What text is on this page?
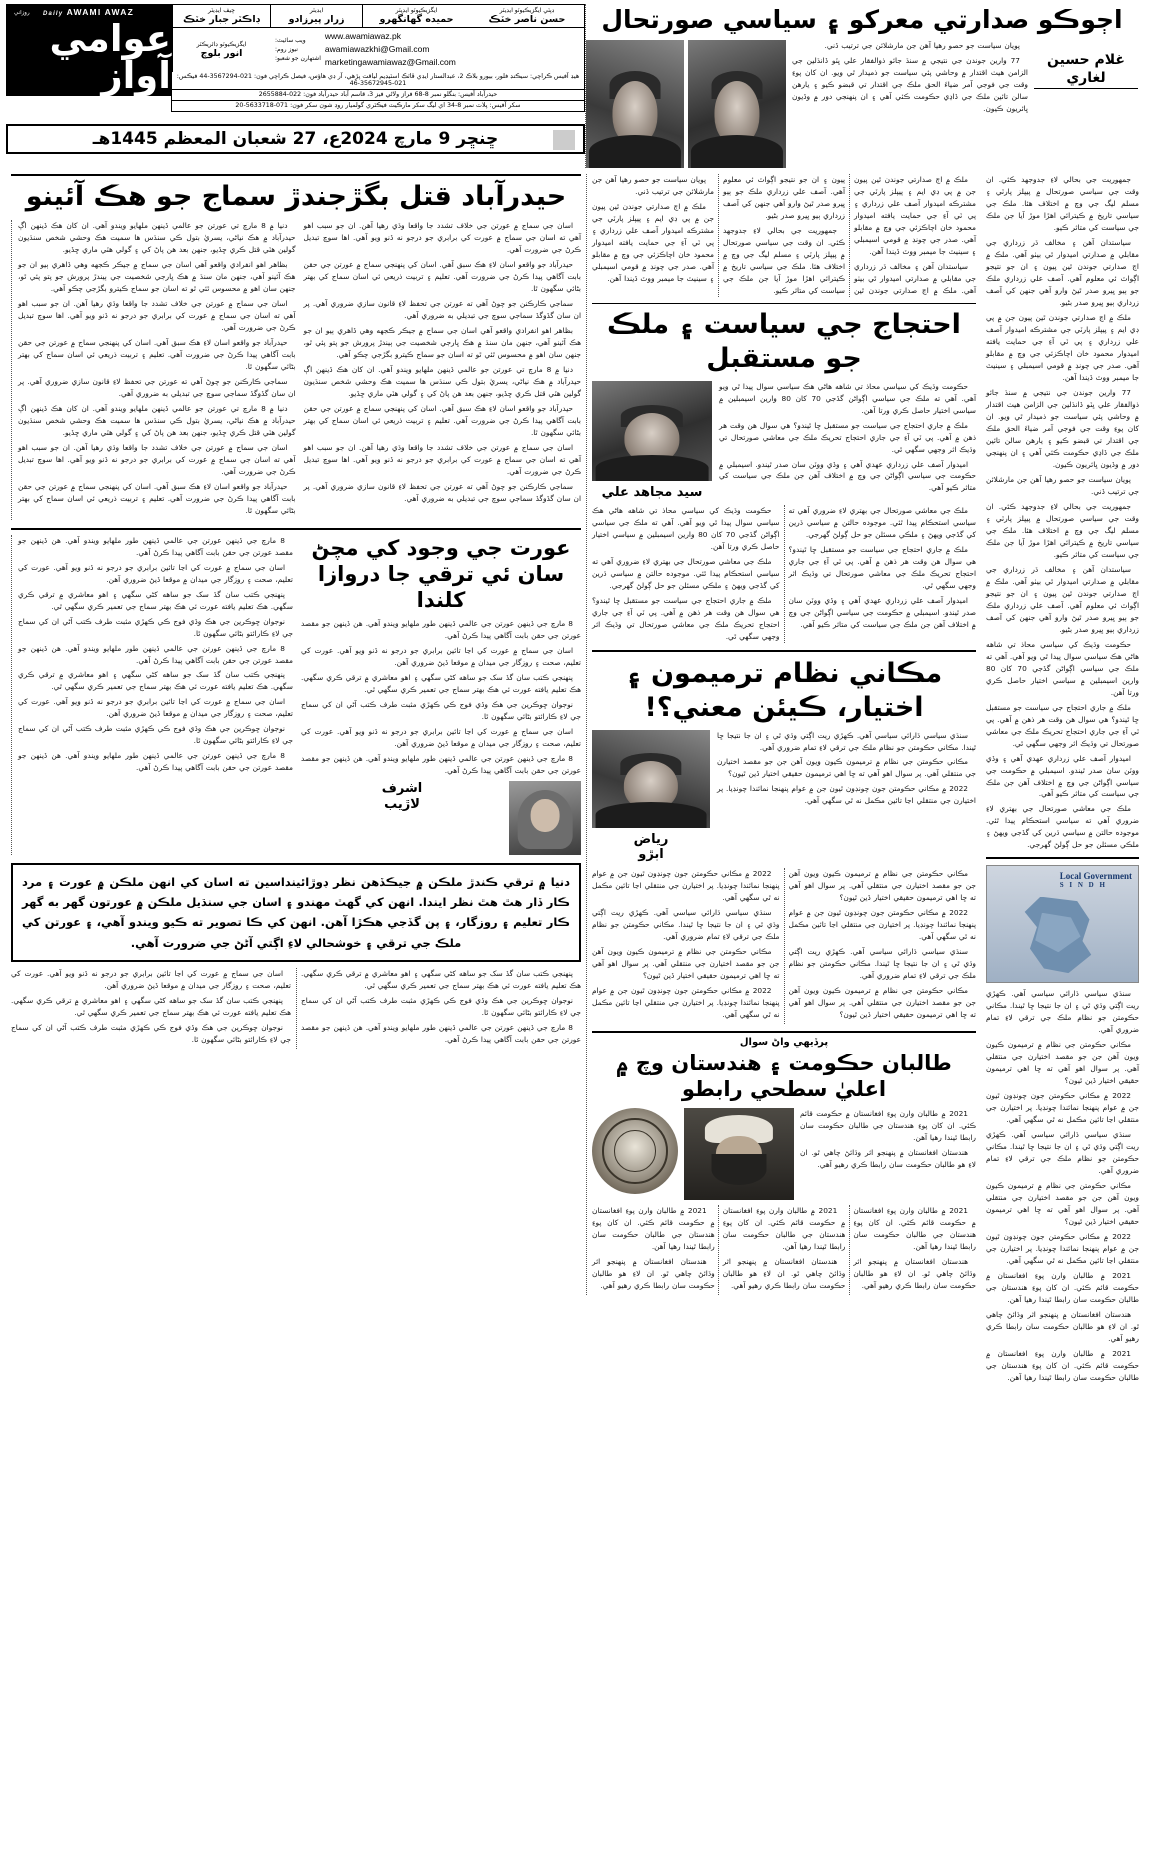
روزاني Daily AWAMI AWAZ
عوامي آواز
چيف ايڊيٽر
ڊاڪٽر جبار خٽڪ
ايڊيٽر
زرار پيرزادو
ايگزيڪيوٽو ايڊيٽر
حميده گهانگهرو
ڊپٽي ايگزيڪيوٽو ايڊيٽر
حسن ناصر خٽڪ
ايگزيڪيوٽو ڊائريڪٽر
انور بلوچ
ويب سائيٽ:
نيوز روم:
اشتهارن جو شعبو:
www.awamiawaz.pk
awamiawazkhi@Gmail.com
marketingawamiawaz@Gmail.com
هيڊ آفيس ڪراچي: سيڪنڊ فلور، بيورو بلاڪ 2، عبدالستار ايڊي ڦاٽڪ اسٽيڊيم لياقت پڙهي، آر ڊي هاؤس، فيصل ڪراچي فون: 021-3567294-44 فيڪس: 021-35672945-46
حيدرآباد آفيس: بنگلو نمبر 8-68 فراز ولاڻي فيز 3، قاسم آباد حيدرآباد فون: 022-2655884
سکر آفيس: پلاٽ نمبر 8-34 اي ليگ سکر مارڪيٽ فيڪٽري گولميار روڊ شون سکر فون: 071-5633718-20
ڇنڇر 9 مارچ 2024ع، 27 شعبان المعظم 1445هـ
اڄوڪو صدارتي معركو ۽ سياسي صورتحال

پويان سياست جو حصو رهيا آهن جن مارشلائن جي ترتيب ڏني.

77 وارين جوندن جي نتيجي ۾ سنڌ جائو ذوالفقار علي ڀٽو ڏانڌلين جي الزامن هيٺ اقتدار ۾ وحاشي پئي سياست جو ذميدار ٿي ويو. ان کان پوءِ وقت جي فوجي آمر ضياءَ الحق ملڪ جي اقتدار تي قبضو ڪيو ۽ يارهن سالن تائين ملڪ جي ڏاڍي حڪومت ڪئي آهي ۽ ان پنهنجي دور ۾ وڏيون ڀائريون ڪيون.

غلام حسين لغاري
حيدرآباد قتل بگڙجندڙ سماج جو هڪ آئينو

دنيا ۾ 8 مارچ تي عورتن جو عالمي ڏينهن ملهايو ويندو آهي. ان کان هڪ ڏينهن اڳ حيدرآباد ۾ هڪ نياڻي، يسريٰ بتول ڪي سنڌس ها سميت هڪ وحشي شخص سنڌيون گولين هٽي قتل ڪري ڇڏيو، جنهن بعد هن پاڻ کي ۽ گولي هٽي ماري ڇڏيو.

بظاهر اهو انفرادي واقعو آهي اسان جي سماج ۾ جيڪر ڪجهه وهي ڏاهري ٻيو ان جو هڪ آئينو آهي، جنهن مان سنڌ ۾ هڪ ڀارجي شخصيت جي ٻيندڙ پرورش جو پتو پئي ٿو، جنهن سان اهو ۾ محسوس ٿئي ٿو ته اسان جو سماج ڪيترو بگڙجي چڪو آهي.

اسان جي سماج ۾ عورتن جي خلاف تشدد جا واقعا وڌي رهيا آهن. ان جو سبب اهو آهي ته اسان جي سماج ۾ عورت کي برابري جو درجو نه ڏنو ويو آهي. اها سوچ تبديل ڪرڻ جي ضرورت آهي.

حيدرآباد جو واقعو اسان لاءِ هڪ سبق آهي. اسان کي پنهنجي سماج ۾ عورتن جي حقن بابت آگاهي پيدا ڪرڻ جي ضرورت آهي. تعليم ۽ تربيت ذريعي ئي اسان سماج کي بهتر بڻائي سگهون ٿا.

سماجي ڪارڪنن جو چوڻ آهي ته عورتن جي تحفظ لاءِ قانون سازي ضروري آهي. پر ان سان گڏوگڏ سماجي سوچ جي تبديلي به ضروري آهي.

دنيا ۾ 8 مارچ تي عورتن جو عالمي ڏينهن ملهايو ويندو آهي. ان کان هڪ ڏينهن اڳ حيدرآباد ۾ هڪ نياڻي، يسريٰ بتول ڪي سنڌس ها سميت هڪ وحشي شخص سنڌيون گولين هٽي قتل ڪري ڇڏيو، جنهن بعد هن پاڻ کي ۽ گولي هٽي ماري ڇڏيو.

اسان جي سماج ۾ عورتن جي خلاف تشدد جا واقعا وڌي رهيا آهن. ان جو سبب اهو آهي ته اسان جي سماج ۾ عورت کي برابري جو درجو نه ڏنو ويو آهي. اها سوچ تبديل ڪرڻ جي ضرورت آهي.

حيدرآباد جو واقعو اسان لاءِ هڪ سبق آهي. اسان کي پنهنجي سماج ۾ عورتن جي حقن بابت آگاهي پيدا ڪرڻ جي ضرورت آهي. تعليم ۽ تربيت ذريعي ئي اسان سماج کي بهتر بڻائي سگهون ٿا.

اسان جي سماج ۾ عورتن جي خلاف تشدد جا واقعا وڌي رهيا آهن. ان جو سبب اهو آهي ته اسان جي سماج ۾ عورت کي برابري جو درجو نه ڏنو ويو آهي. اها سوچ تبديل ڪرڻ جي ضرورت آهي.

حيدرآباد جو واقعو اسان لاءِ هڪ سبق آهي. اسان کي پنهنجي سماج ۾ عورتن جي حقن بابت آگاهي پيدا ڪرڻ جي ضرورت آهي. تعليم ۽ تربيت ذريعي ئي اسان سماج کي بهتر بڻائي سگهون ٿا.

سماجي ڪارڪنن جو چوڻ آهي ته عورتن جي تحفظ لاءِ قانون سازي ضروري آهي. پر ان سان گڏوگڏ سماجي سوچ جي تبديلي به ضروري آهي.

بظاهر اهو انفرادي واقعو آهي اسان جي سماج ۾ جيڪر ڪجهه وهي ڏاهري ٻيو ان جو هڪ آئينو آهي، جنهن مان سنڌ ۾ هڪ ڀارجي شخصيت جي ٻيندڙ پرورش جو پتو پئي ٿو، جنهن سان اهو ۾ محسوس ٿئي ٿو ته اسان جو سماج ڪيترو بگڙجي چڪو آهي.

دنيا ۾ 8 مارچ تي عورتن جو عالمي ڏينهن ملهايو ويندو آهي. ان کان هڪ ڏينهن اڳ حيدرآباد ۾ هڪ نياڻي، يسريٰ بتول ڪي سنڌس ها سميت هڪ وحشي شخص سنڌيون گولين هٽي قتل ڪري ڇڏيو، جنهن بعد هن پاڻ کي ۽ گولي هٽي ماري ڇڏيو.

حيدرآباد جو واقعو اسان لاءِ هڪ سبق آهي. اسان کي پنهنجي سماج ۾ عورتن جي حقن بابت آگاهي پيدا ڪرڻ جي ضرورت آهي. تعليم ۽ تربيت ذريعي ئي اسان سماج کي بهتر بڻائي سگهون ٿا.

اسان جي سماج ۾ عورتن جي خلاف تشدد جا واقعا وڌي رهيا آهن. ان جو سبب اهو آهي ته اسان جي سماج ۾ عورت کي برابري جو درجو نه ڏنو ويو آهي. اها سوچ تبديل ڪرڻ جي ضرورت آهي.

سماجي ڪارڪنن جو چوڻ آهي ته عورتن جي تحفظ لاءِ قانون سازي ضروري آهي. پر ان سان گڏوگڏ سماجي سوچ جي تبديلي به ضروري آهي.

8 مارچ جي ڏينهن عورتن جي عالمي ڏينهن طور ملهايو ويندو آهي. هن ڏينهن جو مقصد عورتن جي حقن بابت آگاهي پيدا ڪرڻ آهي.

اسان جي سماج ۾ عورت کي اڃا تائين برابري جو درجو نه ڏنو ويو آهي. عورت کي تعليم، صحت ۽ روزگار جي ميدان ۾ موقعا ڏيڻ ضروري آهن.

پنهنجي ڪتب سان گڏ سک جو ساهه کڻي سگهي ۽ اهو معاشري ۾ ترقي ڪري سگهي. هڪ تعليم يافته عورت ئي هڪ بهتر سماج جي تعمير ڪري سگهي ٿي.

نوجوان ڇوڪرين جي هڪ وڏي فوج ڪي ڪهڙي مثبت طرف ڪتب آڻي ان کي سماج جي لاءِ ڪارائتو بڻائي سگهون ٿا.

8 مارچ جي ڏينهن عورتن جي عالمي ڏينهن طور ملهايو ويندو آهي. هن ڏينهن جو مقصد عورتن جي حقن بابت آگاهي پيدا ڪرڻ آهي.

پنهنجي ڪتب سان گڏ سک جو ساهه کڻي سگهي ۽ اهو معاشري ۾ ترقي ڪري سگهي. هڪ تعليم يافته عورت ئي هڪ بهتر سماج جي تعمير ڪري سگهي ٿي.

اسان جي سماج ۾ عورت کي اڃا تائين برابري جو درجو نه ڏنو ويو آهي. عورت کي تعليم، صحت ۽ روزگار جي ميدان ۾ موقعا ڏيڻ ضروري آهن.

نوجوان ڇوڪرين جي هڪ وڏي فوج ڪي ڪهڙي مثبت طرف ڪتب آڻي ان کي سماج جي لاءِ ڪارائتو بڻائي سگهون ٿا.

8 مارچ جي ڏينهن عورتن جي عالمي ڏينهن طور ملهايو ويندو آهي. هن ڏينهن جو مقصد عورتن جي حقن بابت آگاهي پيدا ڪرڻ آهي.

عورت جي وجود کي مچڻ
سان ئي ترقي جا دروازا کلندا

8 مارچ جي ڏينهن عورتن جي عالمي ڏينهن طور ملهايو ويندو آهي. هن ڏينهن جو مقصد عورتن جي حقن بابت آگاهي پيدا ڪرڻ آهي.

اسان جي سماج ۾ عورت کي اڃا تائين برابري جو درجو نه ڏنو ويو آهي. عورت کي تعليم، صحت ۽ روزگار جي ميدان ۾ موقعا ڏيڻ ضروري آهن.

پنهنجي ڪتب سان گڏ سک جو ساهه کڻي سگهي ۽ اهو معاشري ۾ ترقي ڪري سگهي. هڪ تعليم يافته عورت ئي هڪ بهتر سماج جي تعمير ڪري سگهي ٿي.

نوجوان ڇوڪرين جي هڪ وڏي فوج ڪي ڪهڙي مثبت طرف ڪتب آڻي ان کي سماج جي لاءِ ڪارائتو بڻائي سگهون ٿا.

اسان جي سماج ۾ عورت کي اڃا تائين برابري جو درجو نه ڏنو ويو آهي. عورت کي تعليم، صحت ۽ روزگار جي ميدان ۾ موقعا ڏيڻ ضروري آهن.

8 مارچ جي ڏينهن عورتن جي عالمي ڏينهن طور ملهايو ويندو آهي. هن ڏينهن جو مقصد عورتن جي حقن بابت آگاهي پيدا ڪرڻ آهي.

اشرف
لاڙيب
دنيا ۾ ترقي ڪندڙ ملڪن ۾ جيڪڏهن نظر ڊوڙائينداسين ته اسان کي انهن ملڪن ۾ عورت ۽ مرد ڪار ڏار هٿ هٿ نظر ايندا. انهن کي گهٽ مهندو ۽ اسان جي سنڌيل ملڪن ۾ عورتون گهر به گهر ڪار تعليم ۽ روزگار، ۽ پن گڏجي هڪڙا آهن. انهن کي ڪا تصوير ته ڪيو ويندو آهي، ۽ عورتن کي ملڪ جي ترقي ۽ خوشحالي لاءِ اڳتي آڻڻ جي ضرورت آهي.

پنهنجي ڪتب سان گڏ سک جو ساهه کڻي سگهي ۽ اهو معاشري ۾ ترقي ڪري سگهي. هڪ تعليم يافته عورت ئي هڪ بهتر سماج جي تعمير ڪري سگهي ٿي.

نوجوان ڇوڪرين جي هڪ وڏي فوج ڪي ڪهڙي مثبت طرف ڪتب آڻي ان کي سماج جي لاءِ ڪارائتو بڻائي سگهون ٿا.

8 مارچ جي ڏينهن عورتن جي عالمي ڏينهن طور ملهايو ويندو آهي. هن ڏينهن جو مقصد عورتن جي حقن بابت آگاهي پيدا ڪرڻ آهي.

اسان جي سماج ۾ عورت کي اڃا تائين برابري جو درجو نه ڏنو ويو آهي. عورت کي تعليم، صحت ۽ روزگار جي ميدان ۾ موقعا ڏيڻ ضروري آهن.

پنهنجي ڪتب سان گڏ سک جو ساهه کڻي سگهي ۽ اهو معاشري ۾ ترقي ڪري سگهي. هڪ تعليم يافته عورت ئي هڪ بهتر سماج جي تعمير ڪري سگهي ٿي.

نوجوان ڇوڪرين جي هڪ وڏي فوج ڪي ڪهڙي مثبت طرف ڪتب آڻي ان کي سماج جي لاءِ ڪارائتو بڻائي سگهون ٿا.

ملڪ ۾ اڄ صدارتي جوندن ٿين پيون جن ۾ پي ڊي ايم ۽ پيپلز پارٽي جي مشترڪه اميدوار آصف علي زرداري ۽ پي ٽي آءِ جي حمايت يافته اميدوار محمود خان اچاڪزئي جي وچ ۾ مقابلو آهي. صدر جي چونڊ ۾ قومي اسيمبلي ۽ سينيٽ جا ميمبر ووٽ ڏيندا آهن.

سياستدان آهن ۽ مخالف ڌر زرداري جي مقابلي ۾ صدارتي اميدوار ٿي بيٺو آهي. ملڪ ۾ اڄ صدارتي جوندن ٿين پيون ۽ ان جو نتيجو اڳواٽ ئي معلوم آهي. آصف علي زرداري ملڪ جو ٻيو ڀيرو صدر ٿيڻ وارو آهي جنهن کي آصف زرداري ٻيو ڀيرو صدر بڻيو.

جمهوريت جي بحالي لاءِ جدوجهد ڪئي. ان وقت جي سياسي صورتحال ۾ پيپلز پارٽي ۽ مسلم ليگ جي وچ ۾ اختلاف هئا. ملڪ جي سياسي تاريخ ۾ ڪيترائي اهڙا موڙ آيا جن ملڪ جي سياست کي متاثر ڪيو.

پويان سياست جو حصو رهيا آهن جن مارشلائن جي ترتيب ڏني.

ملڪ ۾ اڄ صدارتي جوندن ٿين پيون جن ۾ پي ڊي ايم ۽ پيپلز پارٽي جي مشترڪه اميدوار آصف علي زرداري ۽ پي ٽي آءِ جي حمايت يافته اميدوار محمود خان اچاڪزئي جي وچ ۾ مقابلو آهي. صدر جي چونڊ ۾ قومي اسيمبلي ۽ سينيٽ جا ميمبر ووٽ ڏيندا آهن.

احتجاج جي سياست ۽ ملڪ جو مستقبل
سيد مجاهد علي

حڪومت وڌيڪ کي سياسي محاذ تي شاهه هاڻي هڪ سياسي سوال پيدا ٿي ويو آهي. آهي ته ملڪ جي سياسي اڳواڻن گڏجي 70 کان 80 وارين اسيمبلين ۾ سياسي اختيار حاصل ڪري ورتا آهن.

ملڪ ۾ جاري احتجاج جي سياست جو مستقبل ڇا ٿيندو؟ هي سوال هن وقت هر ذهن ۾ آهي. پي ٽي آءِ جي جاري احتجاج تحريڪ ملڪ جي معاشي صورتحال تي وڌيڪ اثر وجهي سگهي ٿي.

اميدوار آصف علي زرداري عهدي آهي ۽ وڏي ووٽن سان صدر ٿيندو. اسيمبلي ۾ حڪومت جي سياسي اڳواڻن جي وچ ۾ اختلاف آهن جن ملڪ جي سياست کي متاثر ڪيو آهي.

ملڪ جي معاشي صورتحال جي بهتري لاءِ ضروري آهي ته سياسي استحڪام پيدا ٿئي. موجوده حالتن ۾ سياسي ڌرين کي گڏجي ويهڻ ۽ ملڪي مسئلن جو حل ڳولڻ گهرجي.

ملڪ ۾ جاري احتجاج جي سياست جو مستقبل ڇا ٿيندو؟ هي سوال هن وقت هر ذهن ۾ آهي. پي ٽي آءِ جي جاري احتجاج تحريڪ ملڪ جي معاشي صورتحال تي وڌيڪ اثر وجهي سگهي ٿي.

اميدوار آصف علي زرداري عهدي آهي ۽ وڏي ووٽن سان صدر ٿيندو. اسيمبلي ۾ حڪومت جي سياسي اڳواڻن جي وچ ۾ اختلاف آهن جن ملڪ جي سياست کي متاثر ڪيو آهي.

حڪومت وڌيڪ کي سياسي محاذ تي شاهه هاڻي هڪ سياسي سوال پيدا ٿي ويو آهي. آهي ته ملڪ جي سياسي اڳواڻن گڏجي 70 کان 80 وارين اسيمبلين ۾ سياسي اختيار حاصل ڪري ورتا آهن.

ملڪ جي معاشي صورتحال جي بهتري لاءِ ضروري آهي ته سياسي استحڪام پيدا ٿئي. موجوده حالتن ۾ سياسي ڌرين کي گڏجي ويهڻ ۽ ملڪي مسئلن جو حل ڳولڻ گهرجي.

ملڪ ۾ جاري احتجاج جي سياست جو مستقبل ڇا ٿيندو؟ هي سوال هن وقت هر ذهن ۾ آهي. پي ٽي آءِ جي جاري احتجاج تحريڪ ملڪ جي معاشي صورتحال تي وڌيڪ اثر وجهي سگهي ٿي.

مڪاني نظام ترميمون ۽ اختيار، ڪيئن معني؟!
رياض
ابڙو

سنڌي سياسي ڌارائي سياسي آهي. ڪهڙي ريت اڳتي وڌي ٿي ۽ ان جا نتيجا ڇا ٿيندا. مڪاني حڪومتن جو نظام ملڪ جي ترقي لاءِ تمام ضروري آهي.

مڪاني حڪومتن جي نظام ۾ ترميمون ڪيون ويون آهن جن جو مقصد اختيارن جي منتقلي آهي. پر سوال اهو آهي ته ڇا اهي ترميمون حقيقي اختيار ڏين ٿيون؟

2022 ۾ مڪاني حڪومتن جون چونڊون ٿيون جن ۾ عوام پنهنجا نمائندا چونڊيا. پر اختيارن جي منتقلي اڃا تائين مڪمل نه ٿي سگهي آهي.

مڪاني حڪومتن جي نظام ۾ ترميمون ڪيون ويون آهن جن جو مقصد اختيارن جي منتقلي آهي. پر سوال اهو آهي ته ڇا اهي ترميمون حقيقي اختيار ڏين ٿيون؟

2022 ۾ مڪاني حڪومتن جون چونڊون ٿيون جن ۾ عوام پنهنجا نمائندا چونڊيا. پر اختيارن جي منتقلي اڃا تائين مڪمل نه ٿي سگهي آهي.

سنڌي سياسي ڌارائي سياسي آهي. ڪهڙي ريت اڳتي وڌي ٿي ۽ ان جا نتيجا ڇا ٿيندا. مڪاني حڪومتن جو نظام ملڪ جي ترقي لاءِ تمام ضروري آهي.

مڪاني حڪومتن جي نظام ۾ ترميمون ڪيون ويون آهن جن جو مقصد اختيارن جي منتقلي آهي. پر سوال اهو آهي ته ڇا اهي ترميمون حقيقي اختيار ڏين ٿيون؟

2022 ۾ مڪاني حڪومتن جون چونڊون ٿيون جن ۾ عوام پنهنجا نمائندا چونڊيا. پر اختيارن جي منتقلي اڃا تائين مڪمل نه ٿي سگهي آهي.

سنڌي سياسي ڌارائي سياسي آهي. ڪهڙي ريت اڳتي وڌي ٿي ۽ ان جا نتيجا ڇا ٿيندا. مڪاني حڪومتن جو نظام ملڪ جي ترقي لاءِ تمام ضروري آهي.

مڪاني حڪومتن جي نظام ۾ ترميمون ڪيون ويون آهن جن جو مقصد اختيارن جي منتقلي آهي. پر سوال اهو آهي ته ڇا اهي ترميمون حقيقي اختيار ڏين ٿيون؟

2022 ۾ مڪاني حڪومتن جون چونڊون ٿيون جن ۾ عوام پنهنجا نمائندا چونڊيا. پر اختيارن جي منتقلي اڃا تائين مڪمل نه ٿي سگهي آهي.

پرڏيهي واڻ سوال
طالبان حڪومت ۽ هندستان وچ ۾ اعليٰ سطحي رابطو

2021 ۾ طالبان وارن پوءِ افغانستان ۾ حڪومت قائم ڪئي. ان کان پوءِ هندستان جي طالبان حڪومت سان رابطا ٿيندا رهيا آهن.

هندستان افغانستان ۾ پنهنجو اثر وڌائڻ چاهي ٿو. ان لاءِ هو طالبان حڪومت سان رابطا ڪري رهيو آهي.

2021 ۾ طالبان وارن پوءِ افغانستان ۾ حڪومت قائم ڪئي. ان کان پوءِ هندستان جي طالبان حڪومت سان رابطا ٿيندا رهيا آهن.

هندستان افغانستان ۾ پنهنجو اثر وڌائڻ چاهي ٿو. ان لاءِ هو طالبان حڪومت سان رابطا ڪري رهيو آهي.

2021 ۾ طالبان وارن پوءِ افغانستان ۾ حڪومت قائم ڪئي. ان کان پوءِ هندستان جي طالبان حڪومت سان رابطا ٿيندا رهيا آهن.

هندستان افغانستان ۾ پنهنجو اثر وڌائڻ چاهي ٿو. ان لاءِ هو طالبان حڪومت سان رابطا ڪري رهيو آهي.

2021 ۾ طالبان وارن پوءِ افغانستان ۾ حڪومت قائم ڪئي. ان کان پوءِ هندستان جي طالبان حڪومت سان رابطا ٿيندا رهيا آهن.

هندستان افغانستان ۾ پنهنجو اثر وڌائڻ چاهي ٿو. ان لاءِ هو طالبان حڪومت سان رابطا ڪري رهيو آهي.

جمهوريت جي بحالي لاءِ جدوجهد ڪئي. ان وقت جي سياسي صورتحال ۾ پيپلز پارٽي ۽ مسلم ليگ جي وچ ۾ اختلاف هئا. ملڪ جي سياسي تاريخ ۾ ڪيترائي اهڙا موڙ آيا جن ملڪ جي سياست کي متاثر ڪيو.

سياستدان آهن ۽ مخالف ڌر زرداري جي مقابلي ۾ صدارتي اميدوار ٿي بيٺو آهي. ملڪ ۾ اڄ صدارتي جوندن ٿين پيون ۽ ان جو نتيجو اڳواٽ ئي معلوم آهي. آصف علي زرداري ملڪ جو ٻيو ڀيرو صدر ٿيڻ وارو آهي جنهن کي آصف زرداري ٻيو ڀيرو صدر بڻيو.

ملڪ ۾ اڄ صدارتي جوندن ٿين پيون جن ۾ پي ڊي ايم ۽ پيپلز پارٽي جي مشترڪه اميدوار آصف علي زرداري ۽ پي ٽي آءِ جي حمايت يافته اميدوار محمود خان اچاڪزئي جي وچ ۾ مقابلو آهي. صدر جي چونڊ ۾ قومي اسيمبلي ۽ سينيٽ جا ميمبر ووٽ ڏيندا آهن.

77 وارين جوندن جي نتيجي ۾ سنڌ جائو ذوالفقار علي ڀٽو ڏانڌلين جي الزامن هيٺ اقتدار ۾ وحاشي پئي سياست جو ذميدار ٿي ويو. ان کان پوءِ وقت جي فوجي آمر ضياءَ الحق ملڪ جي اقتدار تي قبضو ڪيو ۽ يارهن سالن تائين ملڪ جي ڏاڍي حڪومت ڪئي آهي ۽ ان پنهنجي دور ۾ وڏيون ڀائريون ڪيون.

پويان سياست جو حصو رهيا آهن جن مارشلائن جي ترتيب ڏني.

جمهوريت جي بحالي لاءِ جدوجهد ڪئي. ان وقت جي سياسي صورتحال ۾ پيپلز پارٽي ۽ مسلم ليگ جي وچ ۾ اختلاف هئا. ملڪ جي سياسي تاريخ ۾ ڪيترائي اهڙا موڙ آيا جن ملڪ جي سياست کي متاثر ڪيو.

سياستدان آهن ۽ مخالف ڌر زرداري جي مقابلي ۾ صدارتي اميدوار ٿي بيٺو آهي. ملڪ ۾ اڄ صدارتي جوندن ٿين پيون ۽ ان جو نتيجو اڳواٽ ئي معلوم آهي. آصف علي زرداري ملڪ جو ٻيو ڀيرو صدر ٿيڻ وارو آهي جنهن کي آصف زرداري ٻيو ڀيرو صدر بڻيو.

حڪومت وڌيڪ کي سياسي محاذ تي شاهه هاڻي هڪ سياسي سوال پيدا ٿي ويو آهي. آهي ته ملڪ جي سياسي اڳواڻن گڏجي 70 کان 80 وارين اسيمبلين ۾ سياسي اختيار حاصل ڪري ورتا آهن.

ملڪ ۾ جاري احتجاج جي سياست جو مستقبل ڇا ٿيندو؟ هي سوال هن وقت هر ذهن ۾ آهي. پي ٽي آءِ جي جاري احتجاج تحريڪ ملڪ جي معاشي صورتحال تي وڌيڪ اثر وجهي سگهي ٿي.

اميدوار آصف علي زرداري عهدي آهي ۽ وڏي ووٽن سان صدر ٿيندو. اسيمبلي ۾ حڪومت جي سياسي اڳواڻن جي وچ ۾ اختلاف آهن جن ملڪ جي سياست کي متاثر ڪيو آهي.

ملڪ جي معاشي صورتحال جي بهتري لاءِ ضروري آهي ته سياسي استحڪام پيدا ٿئي. موجوده حالتن ۾ سياسي ڌرين کي گڏجي ويهڻ ۽ ملڪي مسئلن جو حل ڳولڻ گهرجي.

Local Government
S I N D H

سنڌي سياسي ڌارائي سياسي آهي. ڪهڙي ريت اڳتي وڌي ٿي ۽ ان جا نتيجا ڇا ٿيندا. مڪاني حڪومتن جو نظام ملڪ جي ترقي لاءِ تمام ضروري آهي.

مڪاني حڪومتن جي نظام ۾ ترميمون ڪيون ويون آهن جن جو مقصد اختيارن جي منتقلي آهي. پر سوال اهو آهي ته ڇا اهي ترميمون حقيقي اختيار ڏين ٿيون؟

2022 ۾ مڪاني حڪومتن جون چونڊون ٿيون جن ۾ عوام پنهنجا نمائندا چونڊيا. پر اختيارن جي منتقلي اڃا تائين مڪمل نه ٿي سگهي آهي.

سنڌي سياسي ڌارائي سياسي آهي. ڪهڙي ريت اڳتي وڌي ٿي ۽ ان جا نتيجا ڇا ٿيندا. مڪاني حڪومتن جو نظام ملڪ جي ترقي لاءِ تمام ضروري آهي.

مڪاني حڪومتن جي نظام ۾ ترميمون ڪيون ويون آهن جن جو مقصد اختيارن جي منتقلي آهي. پر سوال اهو آهي ته ڇا اهي ترميمون حقيقي اختيار ڏين ٿيون؟

2022 ۾ مڪاني حڪومتن جون چونڊون ٿيون جن ۾ عوام پنهنجا نمائندا چونڊيا. پر اختيارن جي منتقلي اڃا تائين مڪمل نه ٿي سگهي آهي.

2021 ۾ طالبان وارن پوءِ افغانستان ۾ حڪومت قائم ڪئي. ان کان پوءِ هندستان جي طالبان حڪومت سان رابطا ٿيندا رهيا آهن.

هندستان افغانستان ۾ پنهنجو اثر وڌائڻ چاهي ٿو. ان لاءِ هو طالبان حڪومت سان رابطا ڪري رهيو آهي.

2021 ۾ طالبان وارن پوءِ افغانستان ۾ حڪومت قائم ڪئي. ان کان پوءِ هندستان جي طالبان حڪومت سان رابطا ٿيندا رهيا آهن.
